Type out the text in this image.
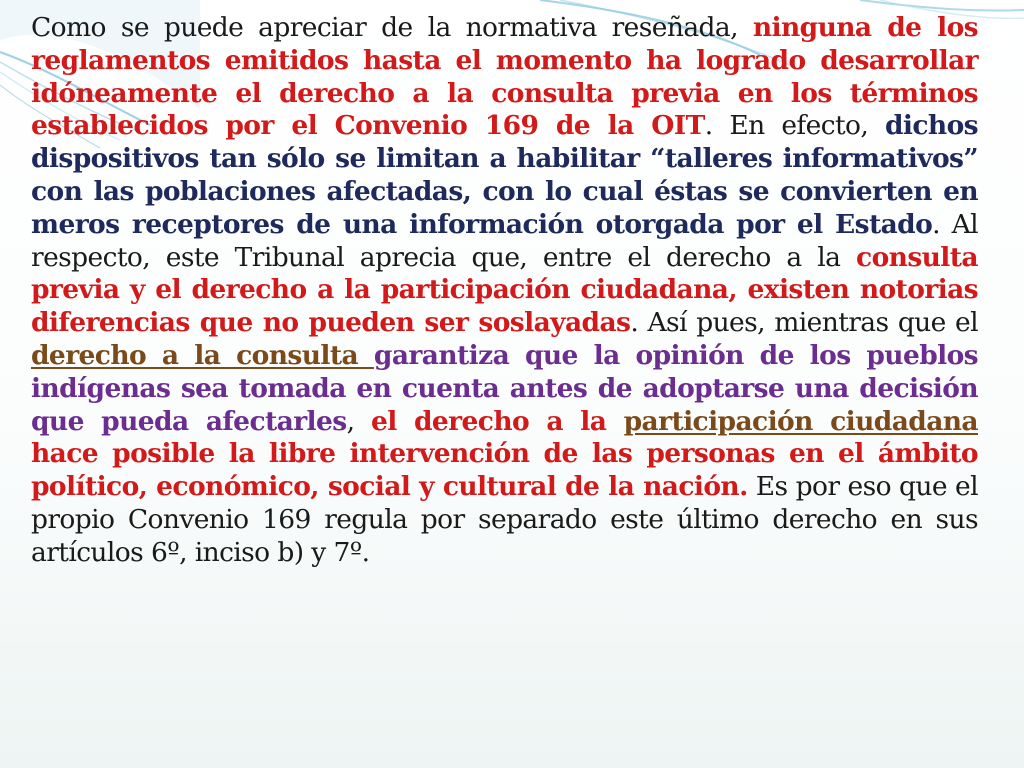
Como se puede apreciar de la normativa reseñada, ninguna de los reglamentos emitidos hasta el momento ha logrado desarrollar idóneamente el derecho a la consulta previa en los términos establecidos por el Convenio 169 de la OIT. En efecto, dichos dispositivos tan sólo se limitan a habilitar “talleres informativos” con las poblaciones afectadas, con lo cual éstas se convierten en meros receptores de una información otorgada por el Estado. Al respecto, este Tribunal aprecia que, entre el derecho a la consulta previa y el derecho a la participación ciudadana, existen notorias diferencias que no pueden ser soslayadas. Así pues, mientras que el derecho a la consulta garantiza que la opinión de los pueblos indígenas sea tomada en cuenta antes de adoptarse una decisión que pueda afectarles, el derecho a la participación ciudadana hace posible la libre intervención de las personas en el ámbito político, económico, social y cultural de la nación. Es por eso que el propio Convenio 169 regula por separado este último derecho en sus artículos 6º, inciso b) y 7º.
